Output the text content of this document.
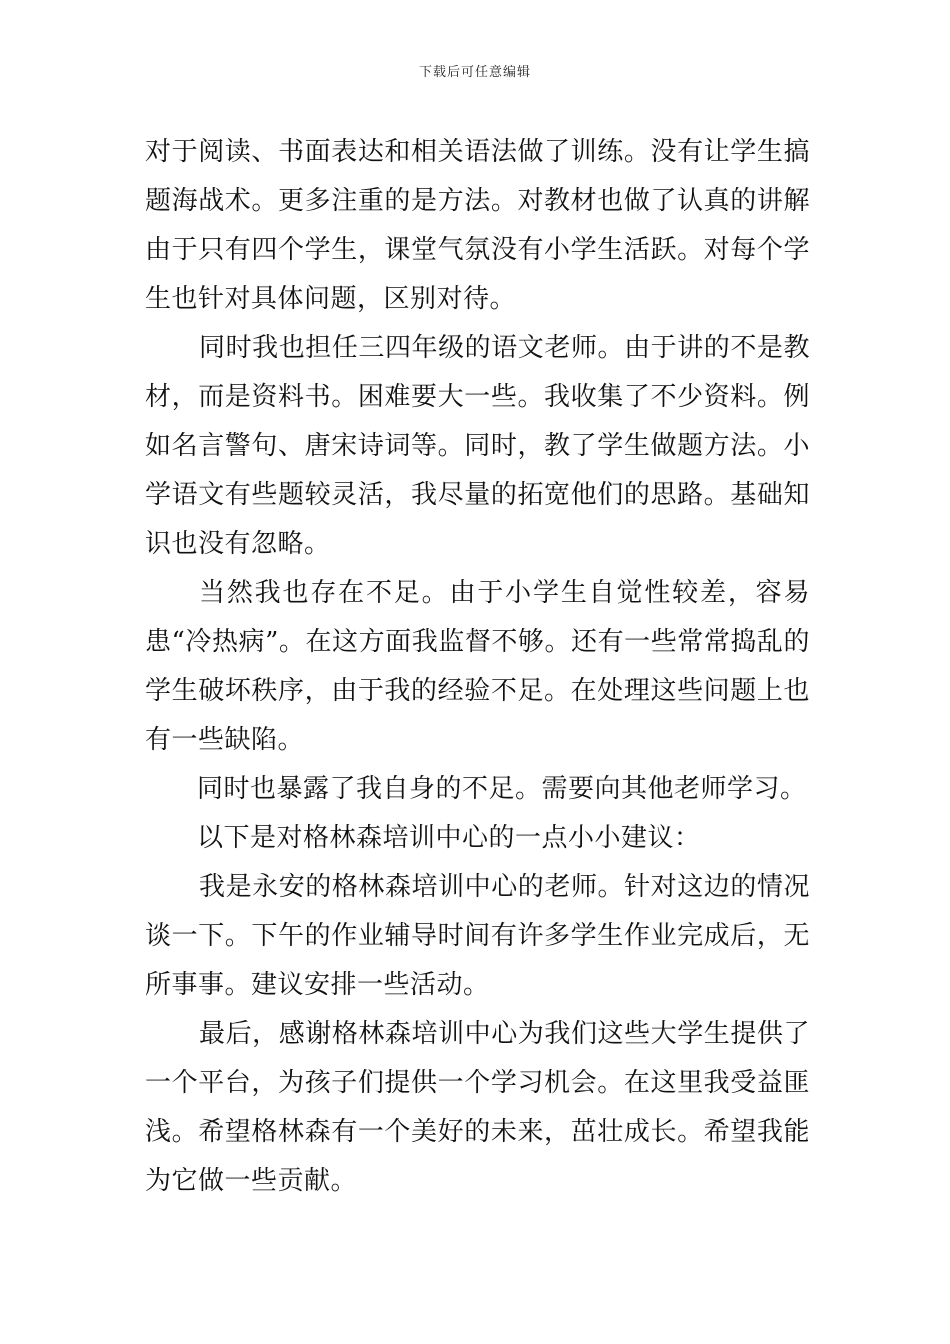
下载后可任意编辑

对于阅读、书面表达和相关语法做了训练。没有让学生搞题海战术。更多注重的是方法。对教材也做了认真的讲解由于只有四个学生，课堂气氛没有小学生活跃。对每个学生也针对具体问题，区别对待。

同时我也担任三四年级的语文老师。由于讲的不是教材，而是资料书。困难要大一些。我收集了不少资料。例如名言警句、唐宋诗词等。同时，教了学生做题方法。小学语文有些题较灵活，我尽量的拓宽他们的思路。基础知识也没有忽略。

当然我也存在不足。由于小学生自觉性较差，容易患“冷热病”。在这方面我监督不够。还有一些常常捣乱的学生破坏秩序，由于我的经验不足。在处理这些问题上也有一些缺陷。

同时也暴露了我自身的不足。需要向其他老师学习。

以下是对格林森培训中心的一点小小建议：

我是永安的格林森培训中心的老师。针对这边的情况谈一下。下午的作业辅导时间有许多学生作业完成后，无所事事。建议安排一些活动。

最后，感谢格林森培训中心为我们这些大学生提供了一个平台，为孩子们提供一个学习机会。在这里我受益匪浅。希望格林森有一个美好的未来，茁壮成长。希望我能为它做一些贡献。
